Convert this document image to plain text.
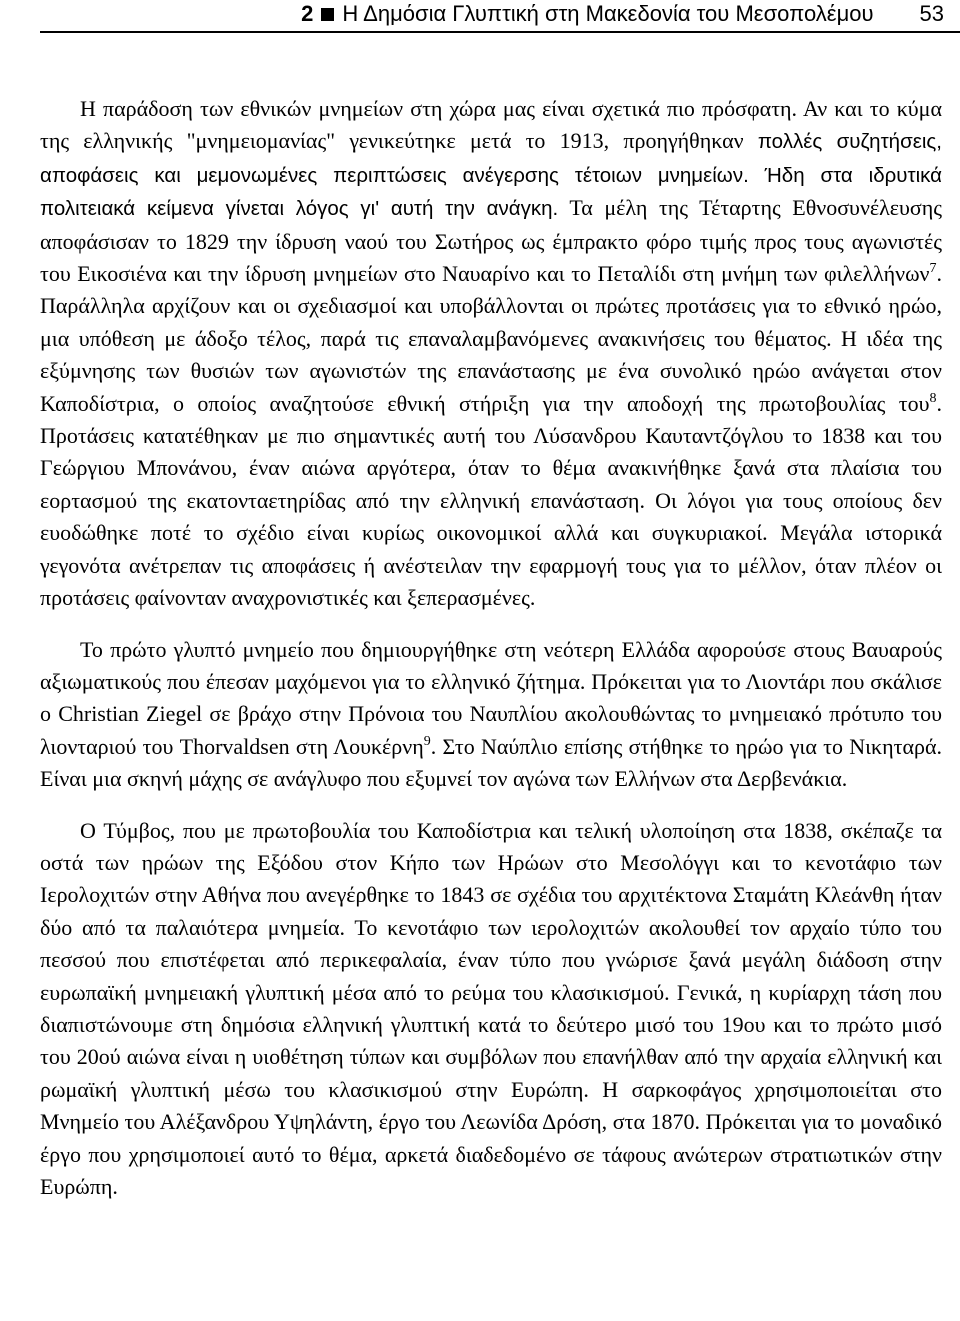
2 Η Δημόσια Γλυπτική στη Μακεδονία του Μεσοπολέμου 53

Η παράδοση των εθνικών μνημείων στη χώρα μας είναι σχετικά πιο πρόσφατη. Αν και το κύμα της ελληνικής "μνημειομανίας" γενικεύτηκε μετά το 1913, προηγήθηκαν πολλές συζητήσεις, αποφάσεις και μεμονωμένες περιπτώσεις ανέγερσης τέτοιων μνημείων. Ήδη στα ιδρυτικά πολιτειακά κείμενα γίνεται λόγος γι' αυτή την ανάγκη. Τα μέλη της Τέταρτης Εθνοσυνέλευσης αποφάσισαν το 1829 την ίδρυση ναού του Σωτήρος ως έμπρακτο φόρο τιμής προς τους αγωνιστές του Εικοσιένα και την ίδρυση μνημείων στο Ναυαρίνο και το Πεταλίδι στη μνήμη των φιλελλήνων$^7$. Παράλληλα αρχίζουν και οι σχεδιασμοί και υποβάλλονται οι πρώτες προτάσεις για το εθνικό ηρώο, μια υπόθεση με άδοξο τέλος, παρά τις επαναλαμβανόμενες ανακινήσεις του θέματος. Η ιδέα της εξύμνησης των θυσιών των αγωνιστών της επανάστασης με ένα συνολικό ηρώο ανάγεται στον Καποδίστρια, ο οποίος αναζητούσε εθνική στήριξη για την αποδοχή της πρωτοβουλίας του$^8$. Προτάσεις κατατέθηκαν με πιο σημαντικές αυτή του Λύσανδρου Καυταντζόγλου το 1838 και του Γεώργιου Μπονάνου, έναν αιώνα αργότερα, όταν το θέμα ανακινήθηκε ξανά στα πλαίσια του εορτασμού της εκατονταετηρίδας από την ελληνική επανάσταση. Οι λόγοι για τους οποίους δεν ευοδώθηκε ποτέ το σχέδιο είναι κυρίως οικονομικοί αλλά και συγκυριακοί. Μεγάλα ιστορικά γεγονότα ανέτρεπαν τις αποφάσεις ή ανέστειλαν την εφαρμογή τους για το μέλλον, όταν πλέον οι προτάσεις φαίνονταν αναχρονιστικές και ξεπερασμένες.

Το πρώτο γλυπτό μνημείο που δημιουργήθηκε στη νεότερη Ελλάδα αφορούσε στους Βαυαρούς αξιωματικούς που έπεσαν μαχόμενοι για το ελληνικό ζήτημα. Πρόκειται για το Λιοντάρι που σκάλισε ο Christian Ziegel σε βράχο στην Πρόνοια του Ναυπλίου ακολουθώντας το μνημειακό πρότυπο του λιονταριού του Thorvaldsen στη Λουκέρνη$^9$. Στο Ναύπλιο επίσης στήθηκε το ηρώο για το Νικηταρά. Είναι μια σκηνή μάχης σε ανάγλυφο που εξυμνεί τον αγώνα των Ελλήνων στα Δερβενάκια.

Ο Τύμβος, που με πρωτοβουλία του Καποδίστρια και τελική υλοποίηση στα 1838, σκέπαζε τα οστά των ηρώων της Εξόδου στον Κήπο των Ηρώων στο Μεσολόγγι και το κενοτάφιο των Ιερολοχιτών στην Αθήνα που ανεγέρθηκε το 1843 σε σχέδια του αρχιτέκτονα Σταμάτη Κλεάνθη ήταν δύο από τα παλαιότερα μνημεία. Το κενοτάφιο των ιερολοχιτών ακολουθεί τον αρχαίο τύπο του πεσσού που επιστέφεται από περικεφαλαία, έναν τύπο που γνώρισε ξανά μεγάλη διάδοση στην ευρωπαϊκή μνημειακή γλυπτική μέσα από το ρεύμα του κλασικισμού. Γενικά, η κυρίαρχη τάση που διαπιστώνουμε στη δημόσια ελληνική γλυπτική κατά το δεύτερο μισό του 19ου και το πρώτο μισό του 20ού αιώνα είναι η υιοθέτηση τύπων και συμβόλων που επανήλθαν από την αρχαία ελληνική και ρωμαϊκή γλυπτική μέσω του κλασικισμού στην Ευρώπη. Η σαρκοφάγος χρησιμοποιείται στο Μνημείο του Αλέξανδρου Υψηλάντη, έργο του Λεωνίδα Δρόση, στα 1870. Πρόκειται για το μοναδικό έργο που χρησιμοποιεί αυτό το θέμα, αρκετά διαδεδομένο σε τάφους ανώτερων στρατιωτικών στην Ευρώπη.
